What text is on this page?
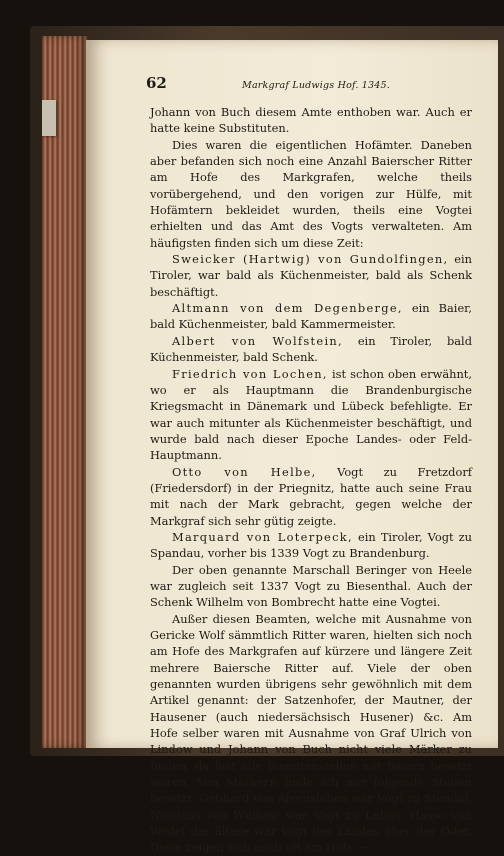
62	Markgraf Ludwigs Hof. 1345.

Johann von Buch diesem Amte enthoben war. Auch er hatte keine Substituten.

Dies waren die eigentlichen Hofämter. Daneben aber befanden sich noch eine Anzahl Baierscher Ritter am Hofe des Markgrafen, welche theils vorübergehend, und den vorigen zur Hülfe, mit Hofämtern bekleidet wurden, theils eine Vogtei erhielten und das Amt des Vogts verwalteten. Am häufigsten finden sich um diese Zeit:

Sweicker (Hartwig) von Gundolfingen, ein Tiroler, war bald als Küchenmeister, bald als Schenk beschäftigt.

Altmann von dem Degenberge, ein Baier, bald Küchenmeister, bald Kammermeister.

Albert von Wolfstein, ein Tiroler, bald Küchenmeister, bald Schenk.

Friedrich von Lochen, ist schon oben erwähnt, wo er als Hauptmann die Brandenburgische Kriegsmacht in Dänemark und Lübeck befehligte. Er war auch mitunter als Küchenmeister beschäftigt, und wurde bald nach dieser Epoche Landes- oder Feld-Hauptmann.

Otto von Helbe, Vogt zu Fretzdorf (Friedersdorf) in der Priegnitz, hatte auch seine Frau mit nach der Mark gebracht, gegen welche der Markgraf sich sehr gütig zeigte.

Marquard von Loterpeck, ein Tiroler, Vogt zu Spandau, vorher bis 1339 Vogt zu Brandenburg.

Der oben genannte Marschall Beringer von Heele war zugleich seit 1337 Vogt zu Biesenthal. Auch der Schenk Wilhelm von Bombrecht hatte eine Vogtei.

Außer diesen Beamten, welche mit Ausnahme von Gericke Wolf sämmtlich Ritter waren, hielten sich noch am Hofe des Markgrafen auf kürzere und längere Zeit mehrere Baiersche Ritter auf. Viele der oben genannten wurden übrigens sehr gewöhnlich mit dem Artikel genannt: der Satzenhofer, der Mautner, der Hausener (auch niedersächsisch Husener) &c. Am Hofe selber waren mit Ausnahme von Graf Ulrich von Lindow und Johann von Buch nicht viele Märker zu finden, da fast alle Beamtenstellen mit Baiern besetzt waren. Von Märkern finde ich nur folgende Stellen besetzt: Gebhard von Alvensleben war Vogt zu Stendal, Nicolaus von Wulkow war Vogt zu Lebus, Hasso von Wedel der ältere war Vogt des Landes über der Oder. Diese zeigen sich auch oft am Hofe. —
